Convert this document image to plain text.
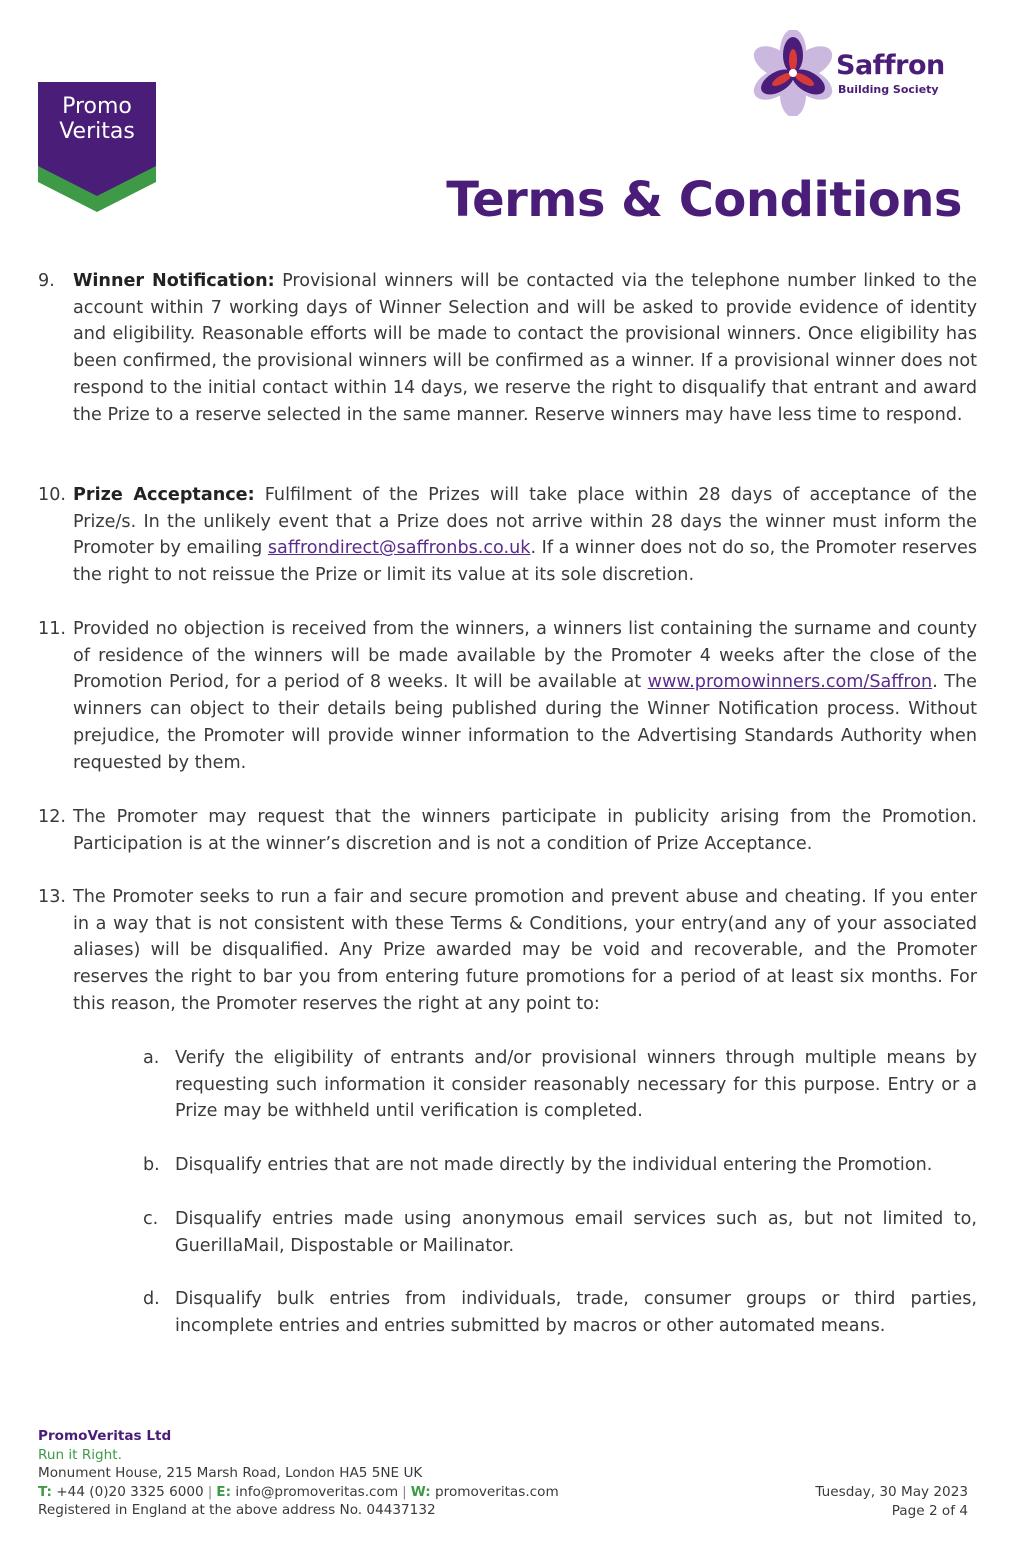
Promo Veritas
Saffron
Building Society
Terms & Conditions
9. Winner Notification: Provisional winners will be contacted via the telephone number linked to the account within 7 working days of Winner Selection and will be asked to provide evidence of identity and eligibility. Reasonable efforts will be made to contact the provisional winners. Once eligibility has been confirmed, the provisional winners will be confirmed as a winner. If a provisional winner does not respond to the initial contact within 14 days, we reserve the right to disqualify that entrant and award the Prize to a reserve selected in the same manner. Reserve winners may have less time to respond.
10. Prize Acceptance: Fulfilment of the Prizes will take place within 28 days of acceptance of the Prize/s. In the unlikely event that a Prize does not arrive within 28 days the winner must inform the Promoter by emailing saffrondirect@saffronbs.co.uk. If a winner does not do so, the Promoter reserves the right to not reissue the Prize or limit its value at its sole discretion.
11. Provided no objection is received from the winners, a winners list containing the surname and county of residence of the winners will be made available by the Promoter 4 weeks after the close of the Promotion Period, for a period of 8 weeks. It will be available at www.promowinners.com/Saffron. The winners can object to their details being published during the Winner Notification process. Without prejudice, the Promoter will provide winner information to the Advertising Standards Authority when requested by them.
12. The Promoter may request that the winners participate in publicity arising from the Promotion. Participation is at the winner’s discretion and is not a condition of Prize Acceptance.
13. The Promoter seeks to run a fair and secure promotion and prevent abuse and cheating. If you enter in a way that is not consistent with these Terms & Conditions, your entry(and any of your associated aliases) will be disqualified. Any Prize awarded may be void and recoverable, and the Promoter reserves the right to bar you from entering future promotions for a period of at least six months. For this reason, the Promoter reserves the right at any point to:
a. Verify the eligibility of entrants and/or provisional winners through multiple means by requesting such information it consider reasonably necessary for this purpose. Entry or a Prize may be withheld until verification is completed.
b. Disqualify entries that are not made directly by the individual entering the Promotion.
c. Disqualify entries made using anonymous email services such as, but not limited to, GuerillaMail, Dispostable or Mailinator.
d. Disqualify bulk entries from individuals, trade, consumer groups or third parties, incomplete entries and entries submitted by macros or other automated means.
PromoVeritas Ltd
Run it Right.
Monument House, 215 Marsh Road, London HA5 5NE UK
T: +44 (0)20 3325 6000 | E: info@promoveritas.com | W: promoveritas.com
Registered in England at the above address No. 04437132
Tuesday, 30 May 2023
Page 2 of 4
